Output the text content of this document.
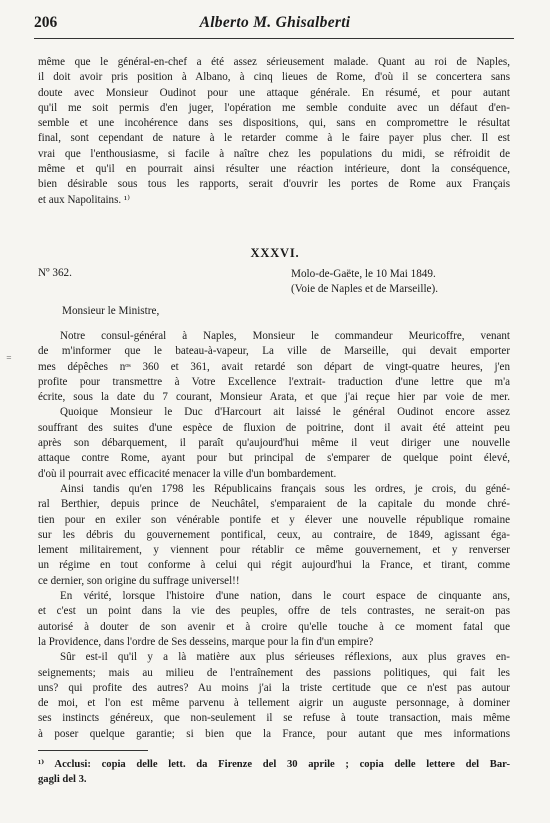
206	Alberto M. Ghisalberti
même que le général-en-chef a été assez sérieusement malade. Quant au roi de Naples,
il doit avoir pris position à Albano, à cinq lieues de Rome, d'où il se concertera sans
doute avec Monsieur Oudinot pour une attaque générale. En résumé, et pour autant
qu'il me soit permis d'en juger, l'opération me semble conduite avec un défaut d'en-
semble et une incohérence dans ses dispositions, qui, sans en compromettre le résultat
final, sont cependant de nature à le retarder comme à le faire payer plus cher. Il est
vrai que l'enthousiasme, si facile à naître chez les populations du midi, se réfroidit de
même et qu'il en pourrait ainsi résulter une réaction intérieure, dont la conséquence,
bien désirable sous tous les rapports, serait d'ouvrir les portes de Rome aux Français
et aux Napolitains. ¹⁾
XXXVI.
Nº 362.	Molo-de-Gaëte, le 10 Mai 1849.
(Voie de Naples et de Marseille).
Monsieur le Ministre,
⁼
Notre consul-général à Naples, Monsieur le commandeur Meuricoffre, venant
de m'informer que le bateau-à-vapeur, La ville de Marseille, qui devait emporter
mes dépêches nᵒˢ 360 et 361, avait retardé son départ de vingt-quatre heures, j'en
profite pour transmettre à Votre Excellence l'extrait- traduction d'une lettre que m'a
écrite, sous la date du 7 courant, Monsieur Arata, et que j'ai reçue hier par voie de mer.
Quoique Monsieur le Duc d'Harcourt ait laissé le général Oudinot encore assez
souffrant des suites d'une espèce de fluxion de poitrine, dont il avait été atteint peu
après son débarquement, il paraît qu'aujourd'hui même il veut diriger une nouvelle
attaque contre Rome, ayant pour but principal de s'emparer de quelque point élevé,
d'où il pourrait avec efficacité menacer la ville d'un bombardement.
Ainsi tandis qu'en 1798 les Républicains français sous les ordres, je crois, du géné-
ral Berthier, depuis prince de Neuchâtel, s'emparaient de la capitale du monde chré-
tien pour en exiler son vénérable pontife et y élever une nouvelle république romaine
sur les débris du gouvernement pontifical, ceux, au contraire, de 1849, agissant éga-
lement militairement, y viennent pour rétablir ce même gouvernement, et y renverser
un régime en tout conforme à celui qui régit aujourd'hui la France, et tirant, comme
ce dernier, son origine du suffrage universel!!
En vérité, lorsque l'histoire d'une nation, dans le court espace de cinquante ans,
et c'est un point dans la vie des peuples, offre de tels contrastes, ne serait-on pas
autorisé à douter de son avenir et à croire qu'elle touche à ce moment fatal que
la Providence, dans l'ordre de Ses desseins, marque pour la fin d'un empire?
Sûr est-il qu'il y a là matière aux plus sérieuses réflexions, aux plus graves en-
seignements; mais au milieu de l'entraînement des passions politiques, qui fait les
uns? qui profite des autres? Au moins j'ai la triste certitude que ce n'est pas autour
de moi, et l'on est même parvenu à tellement aigrir un auguste personnage, à dominer
ses instincts généreux, que non-seulement il se refuse à toute transaction, mais même
à poser quelque garantie; si bien que la France, pour autant que mes informations
¹⁾ Acclusi: copia delle lett. da Firenze del 30 aprile ; copia delle lettere del Bar-
gagli del 3.
